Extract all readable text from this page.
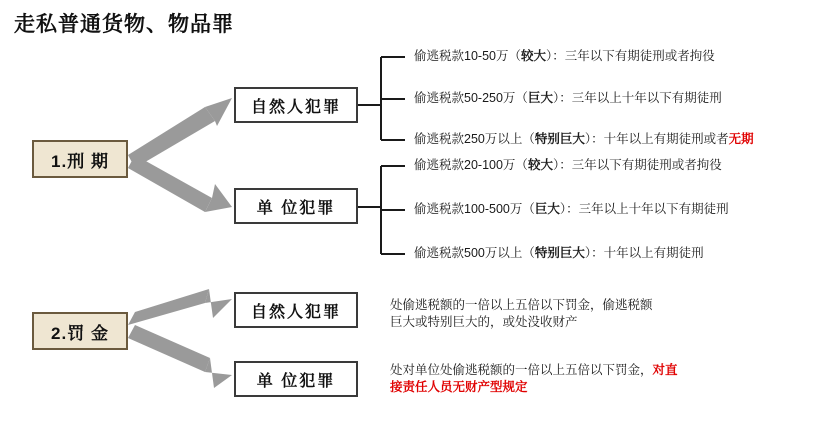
走私普通货物、物品罪
1.刑 期
自然人犯罪
单 位犯罪
偷逃税款10-50万（较大）：三年以下有期徒刑或者拘役
偷逃税款50-250万（巨大）：三年以上十年以下有期徒刑
偷逃税款250万以上（特别巨大）：十年以上有期徒刑或者无期
偷逃税款20-100万（较大）：三年以下有期徒刑或者拘役
偷逃税款100-500万（巨大）：三年以上十年以下有期徒刑
偷逃税款500万以上（特别巨大）：十年以上有期徒刑
2.罚 金
自然人犯罪
单 位犯罪
处偷逃税额的一倍以上五倍以下罚金，偷逃税额巨大或特别巨大的，或处没收财产
处对单位处偷逃税额的一倍以上五倍以下罚金，对直接责任人员无财产型规定
